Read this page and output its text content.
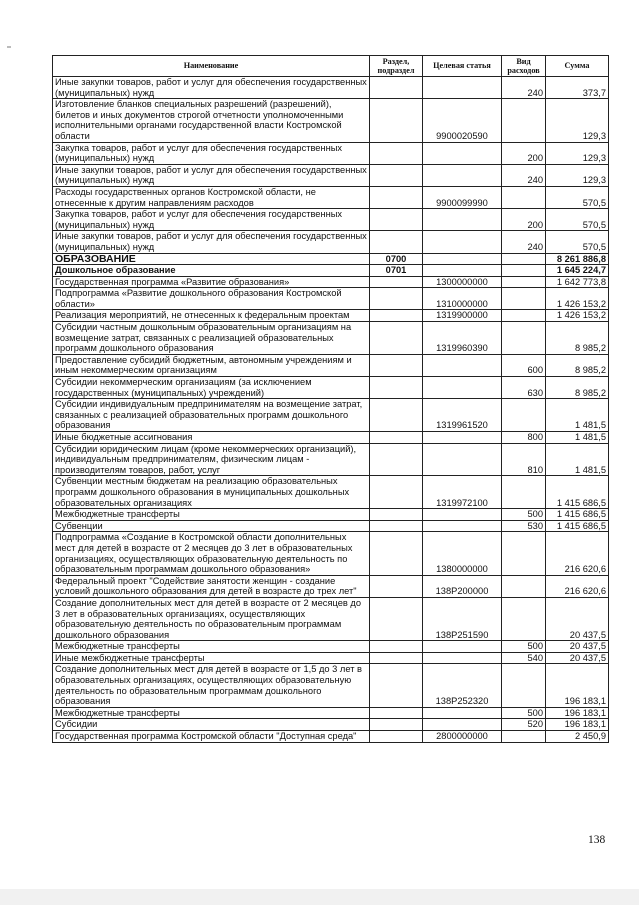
Наименование	Раздел, подраздел	Целевая статья	Вид расходов	Сумма
Иные закупки товаров, работ и услуг для обеспечения государственных (муниципальных) нужд			240	373,7
Изготовление бланков специальных разрешений (разрешений), билетов и иных документов строгой отчетности уполномоченными исполнительными органами государственной власти Костромской области		9900020590		129,3
Закупка товаров, работ и услуг для обеспечения государственных (муниципальных) нужд			200	129,3
Иные закупки товаров, работ и услуг для обеспечения государственных (муниципальных) нужд			240	129,3
Расходы государственных органов Костромской области, не отнесенные к другим направлениям расходов		9900099990		570,5
Закупка товаров, работ и услуг для обеспечения государственных (муниципальных) нужд			200	570,5
Иные закупки товаров, работ и услуг для обеспечения государственных (муниципальных) нужд			240	570,5
ОБРАЗОВАНИЕ	0700			8 261 886,8
Дошкольное образование	0701			1 645 224,7
Государственная программа «Развитие образования»		1300000000		1 642 773,8
Подпрограмма «Развитие дошкольного образования Костромской области»		1310000000		1 426 153,2
Реализация мероприятий, не отнесенных к федеральным проектам		1319900000		1 426 153,2
Субсидии частным дошкольным образовательным организациям на возмещение затрат, связанных с реализацией образовательных программ дошкольного образования		1319960390		8 985,2
Предоставление субсидий бюджетным, автономным учреждениям и иным некоммерческим организациям			600	8 985,2
Субсидии некоммерческим организациям (за исключением государственных (муниципальных) учреждений)			630	8 985,2
Субсидии индивидуальным предпринимателям на возмещение затрат, связанных с реализацией образовательных программ дошкольного образования		1319961520		1 481,5
Иные бюджетные ассигнования			800	1 481,5
Субсидии юридическим лицам (кроме некоммерческих организаций), индивидуальным предпринимателям, физическим лицам - производителям товаров, работ, услуг			810	1 481,5
Субвенции местным бюджетам на реализацию образовательных программ дошкольного образования в муниципальных дошкольных образовательных организациях		1319972100		1 415 686,5
Межбюджетные трансферты			500	1 415 686,5
Субвенции			530	1 415 686,5
Подпрограмма «Создание в Костромской области дополнительных мест для детей в возрасте от 2 месяцев до 3 лет в образовательных организациях, осуществляющих образовательную деятельность по образовательным программам дошкольного образования»		1380000000		216 620,6
Федеральный проект "Содействие занятости женщин - создание условий дошкольного образования для детей в возрасте до трех лет"		138P200000		216 620,6
Создание дополнительных мест для детей в возрасте от 2 месяцев до 3 лет в образовательных организациях, осуществляющих образовательную деятельность по образовательным программам дошкольного образования		138P251590		20 437,5
Межбюджетные трансферты			500	20 437,5
Иные межбюджетные трансферты			540	20 437,5
Создание дополнительных мест для детей в возрасте от 1,5 до 3 лет в образовательных организациях, осуществляющих образовательную деятельность по образовательным программам дошкольного образования		138P252320		196 183,1
Межбюджетные трансферты			500	196 183,1
Субсидии			520	196 183,1
Государственная программа Костромской области "Доступная среда"		2800000000		2 450,9
138
